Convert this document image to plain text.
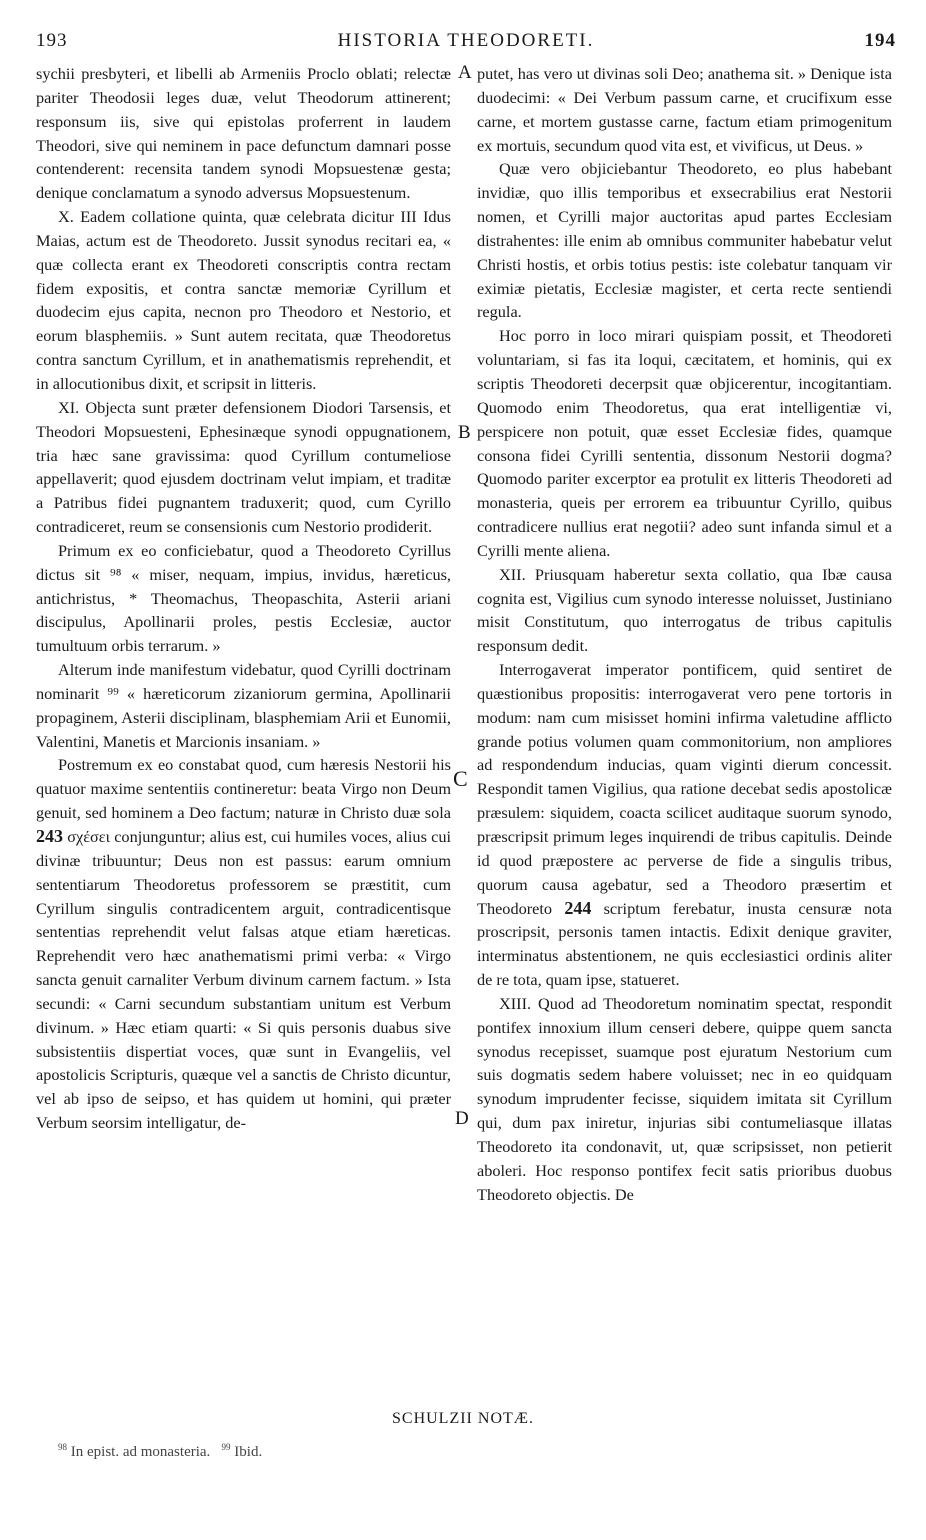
193	HISTORIA THEODORETI.	194
A
B
C
D

sychii presbyteri, et libelli ab Armeniis Proclo oblati; relectæ pariter Theodosii leges duæ, velut Theodorum attinerent; responsum iis, sive qui epistolas proferrent in laudem Theodori, sive qui neminem in pace defunctum damnari posse contenderent: recensita tandem synodi Mopsuestenæ gesta; denique conclamatum a synodo adversus Mopsuestenum.

X. Eadem collatione quinta, quæ celebrata dicitur III Idus Maias, actum est de Theodoreto. Jussit synodus recitari ea, « quæ collecta erant ex Theodoreti conscriptis contra rectam fidem expositis, et contra sanctæ memoriæ Cyrillum et duodecim ejus capita, necnon pro Theodoro et Nestorio, et eorum blasphemiis. » Sunt autem recitata, quæ Theodoretus contra sanctum Cyrillum, et in anathematismis reprehendit, et in allocutionibus dixit, et scripsit in litteris.

XI. Objecta sunt præter defensionem Diodori Tarsensis, et Theodori Mopsuesteni, Ephesinæque synodi oppugnationem, tria hæc sane gravissima: quod Cyrillum contumeliose appellaverit; quod ejusdem doctrinam velut impiam, et traditæ a Patribus fidei pugnantem traduxerit; quod, cum Cyrillo contradiceret, reum se consensionis cum Nestorio prodiderit.

Primum ex eo conficiebatur, quod a Theodoreto Cyrillus dictus sit ⁹⁸ « miser, nequam, impius, invidus, hæreticus, antichristus, * Theomachus, Theopaschita, Asterii ariani discipulus, Apollinarii proles, pestis Ecclesiæ, auctor tumultuum orbis terrarum. »

Alterum inde manifestum videbatur, quod Cyrilli doctrinam nominarit ⁹⁹ « hæreticorum zizaniorum germina, Apollinarii propaginem, Asterii disciplinam, blasphemiam Arii et Eunomii, Valentini, Manetis et Marcionis insaniam. »

Postremum ex eo constabat quod, cum hæresis Nestorii his quatuor maxime sententiis contineretur: beata Virgo non Deum genuit, sed hominem a Deo factum; naturæ in Christo duæ sola 243 σχέσει conjunguntur; alius est, cui humiles voces, alius cui divinæ tribuuntur; Deus non est passus: earum omnium sententiarum Theodoretus professorem se præstitit, cum Cyrillum singulis contradicentem arguit, contradicentisque sententias reprehendit velut falsas atque etiam hæreticas. Reprehendit vero hæc anathematismi primi verba: « Virgo sancta genuit carnaliter Verbum divinum carnem factum. » Ista secundi: « Carni secundum substantiam unitum est Verbum divinum. » Hæc etiam quarti: « Si quis personis duabus sive subsistentiis dispertiat voces, quæ sunt in Evangeliis, vel apostolicis Scripturis, quæque vel a sanctis de Christo dicuntur, vel ab ipso de seipso, et has quidem ut homini, qui præter Verbum seorsim intelligatur, de-

putet, has vero ut divinas soli Deo; anathema sit. » Denique ista duodecimi: « Dei Verbum passum carne, et crucifixum esse carne, et mortem gustasse carne, factum etiam primogenitum ex mortuis, secundum quod vita est, et vivificus, ut Deus. »

Quæ vero objiciebantur Theodoreto, eo plus habebant invidiæ, quo illis temporibus et exsecrabilius erat Nestorii nomen, et Cyrilli major auctoritas apud partes Ecclesiam distrahentes: ille enim ab omnibus communiter habebatur velut Christi hostis, et orbis totius pestis: iste colebatur tanquam vir eximiæ pietatis, Ecclesiæ magister, et certa recte sentiendi regula.

Hoc porro in loco mirari quispiam possit, et Theodoreti voluntariam, si fas ita loqui, cæcitatem, et hominis, qui ex scriptis Theodoreti decerpsit quæ objicerentur, incogitantiam. Quomodo enim Theodoretus, qua erat intelligentiæ vi, perspicere non potuit, quæ esset Ecclesiæ fides, quamque consona fidei Cyrilli sententia, dissonum Nestorii dogma? Quomodo pariter excerptor ea protulit ex litteris Theodoreti ad monasteria, queis per errorem ea tribuuntur Cyrillo, quibus contradicere nullius erat negotii? adeo sunt infanda simul et a Cyrilli mente aliena.

XII. Priusquam haberetur sexta collatio, qua Ibæ causa cognita est, Vigilius cum synodo interesse noluisset, Justiniano misit Constitutum, quo interrogatus de tribus capitulis responsum dedit.

Interrogaverat imperator pontificem, quid sentiret de quæstionibus propositis: interrogaverat vero pene tortoris in modum: nam cum misisset homini infirma valetudine afflicto grande potius volumen quam commonitorium, non ampliores ad respondendum inducias, quam viginti dierum concessit. Respondit tamen Vigilius, qua ratione decebat sedis apostolicæ præsulem: siquidem, coacta scilicet auditaque suorum synodo, præscripsit primum leges inquirendi de tribus capitulis. Deinde id quod præpostere ac perverse de fide a singulis tribus, quorum causa agebatur, sed a Theodoro præsertim et Theodoreto 244 scriptum ferebatur, inusta censuræ nota proscripsit, personis tamen intactis. Edixit denique graviter, interminatus abstentionem, ne quis ecclesiastici ordinis aliter de re tota, quam ipse, statueret.

XIII. Quod ad Theodoretum nominatim spectat, respondit pontifex innoxium illum censeri debere, quippe quem sancta synodus recepisset, suamque post ejuratum Nestorium cum suis dogmatis sedem habere voluisset; nec in eo quidquam synodum imprudenter fecisse, siquidem imitata sit Cyrillum qui, dum pax iniretur, injurias sibi contumeliasque illatas Theodoreto ita condonavit, ut, quæ scripsisset, non petierit aboleri. Hoc responso pontifex fecit satis prioribus duobus Theodoreto objectis. De

SCHULZII NOTÆ.
$^{98}$ In epist. ad monasteria. $^{99}$ Ibid.
